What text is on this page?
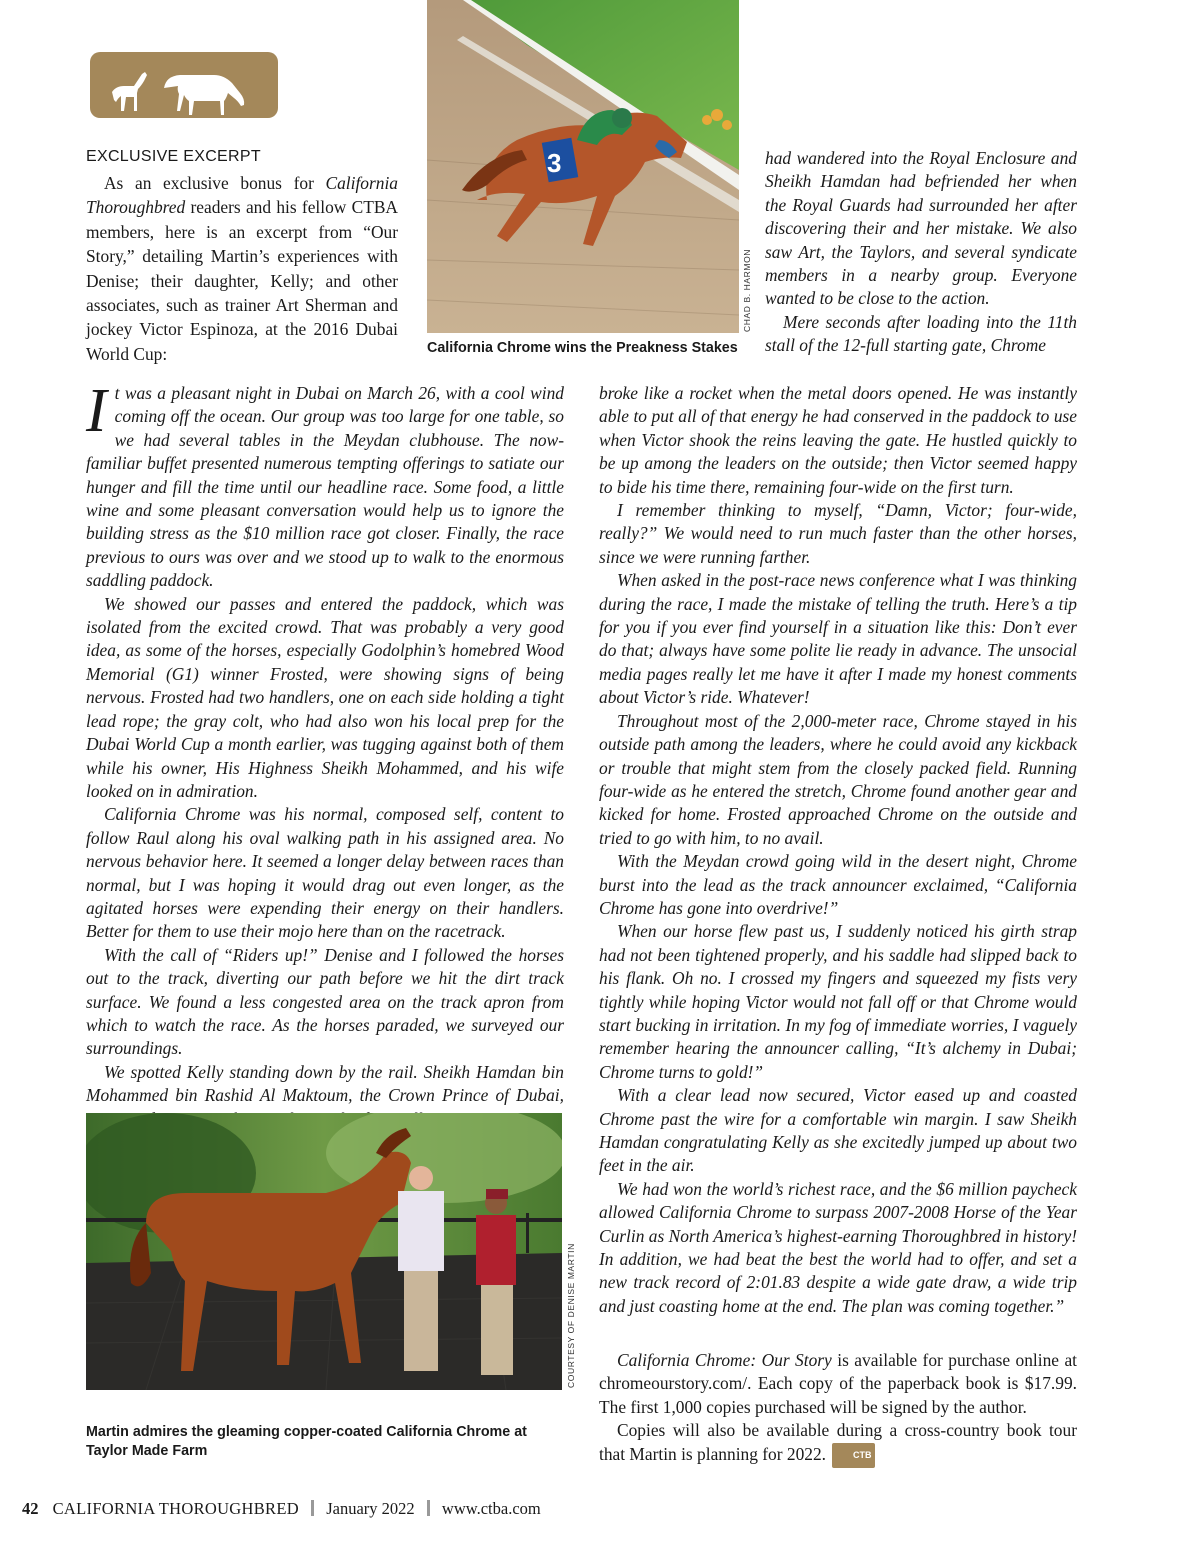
EXCLUSIVE EXCERPT

As an exclusive bonus for California Thoroughbred readers and his fellow CTBA members, here is an excerpt from “Our Story,” detailing Martin’s experiences with Denise; their daughter, Kelly; and other associates, such as trainer Art Sherman and jockey Victor Espinoza, at the 2016 Dubai World Cup:

3
CHAD B. HARMON
California Chrome wins the Preakness Stakes

had wandered into the Royal Enclosure and Sheikh Hamdan had befriended her when the Royal Guards had surrounded her after discovering their and her mistake. We also saw Art, the Taylors, and several syndicate members in a nearby group. Everyone wanted to be close to the action.

Mere seconds after loading into the 11th stall of the 12-full starting gate, Chrome

It was a pleasant night in Dubai on March 26, with a cool wind coming off the ocean. Our group was too large for one table, so we had several tables in the Meydan clubhouse. The now-familiar buffet presented numerous tempting offerings to satiate our hunger and fill the time until our headline race. Some food, a little wine and some pleasant conversation would help us to ignore the building stress as the $10 million race got closer. Finally, the race previous to ours was over and we stood up to walk to the enormous saddling paddock.

We showed our passes and entered the paddock, which was isolated from the excited crowd. That was probably a very good idea, as some of the horses, especially Godolphin’s homebred Wood Memorial (G1) winner Frosted, were showing signs of being nervous. Frosted had two handlers, one on each side holding a tight lead rope; the gray colt, who had also won his local prep for the Dubai World Cup a month earlier, was tugging against both of them while his owner, His Highness Sheikh Mohammed, and his wife looked on in admiration.

California Chrome was his normal, composed self, content to follow Raul along his oval walking path in his assigned area. No nervous behavior here. It seemed a longer delay between races than normal, but I was hoping it would drag out even longer, as the agitated horses were expending their energy on their handlers. Better for them to use their mojo here than on the racetrack.

With the call of “Riders up!” Denise and I followed the horses out to the track, diverting our path before we hit the dirt track surface. We found a less congested area on the track apron from which to watch the race. As the horses paraded, we surveyed our surroundings.

We spotted Kelly standing down by the rail. Sheikh Hamdan bin Mohammed bin Rashid Al Maktoum, the Crown Prince of Dubai,

broke like a rocket when the metal doors opened. He was instantly able to put all of that energy he had conserved in the paddock to use when Victor shook the reins leaving the gate. He hustled quickly to be up among the leaders on the outside; then Victor seemed happy to bide his time there, remaining four-wide on the first turn.

I remember thinking to myself, “Damn, Victor; four-wide, really?” We would need to run much faster than the other horses, since we were running farther.

When asked in the post-race news conference what I was thinking during the race, I made the mistake of telling the truth. Here’s a tip for you if you ever find yourself in a situation like this: Don’t ever do that; always have some polite lie ready in advance. The unsocial media pages really let me have it after I made my honest comments about Victor’s ride. Whatever!

Throughout most of the 2,000-meter race, Chrome stayed in his outside path among the leaders, where he could avoid any kickback or trouble that might stem from the closely packed field. Running four-wide as he entered the stretch, Chrome found another gear and kicked for home. Frosted approached Chrome on the outside and tried to go with him, to no avail.

With the Meydan crowd going wild in the desert night, Chrome burst into the lead as the track announcer exclaimed, “California Chrome has gone into overdrive!”

When our horse flew past us, I suddenly noticed his girth strap had not been tightened properly, and his saddle had slipped back to his flank. Oh no. I crossed my fingers and squeezed my fists very tightly while hoping Victor would not fall off or that Chrome would start bucking in irritation. In my fog of immediate worries, I vaguely remember hearing the announcer calling, “It’s alchemy in Dubai; Chrome turns to gold!”

With a clear lead now secured, Victor eased up and coasted Chrome past the wire for a comfortable win margin. I saw Sheikh Hamdan congratulating Kelly as she excitedly jumped up about two feet in the air.

We had won the world’s richest race, and the $6 million paycheck allowed California Chrome to surpass 2007-2008 Horse of the Year Curlin as North America’s highest-earning Thoroughbred in history! In addition, we had beat the best the world had to offer, and set a new track record of 2:01.83 despite a wide gate draw, a wide trip and just coasting home at the end. The plan was coming together.”

COURTESY OF DENISE MARTIN
Martin admires the gleaming copper-coated California Chrome at Taylor Made Farm

California Chrome: Our Story is available for purchase online at chromeourstory.com/. Each copy of the paperback book is $17.99. The first 1,000 copies purchased will be signed by the author.

Copies will also be available during a cross-country book tour that Martin is planning for 2022.	CTB

42 CALIFORNIA THOROUGHBRED January 2022 www.ctba.com
